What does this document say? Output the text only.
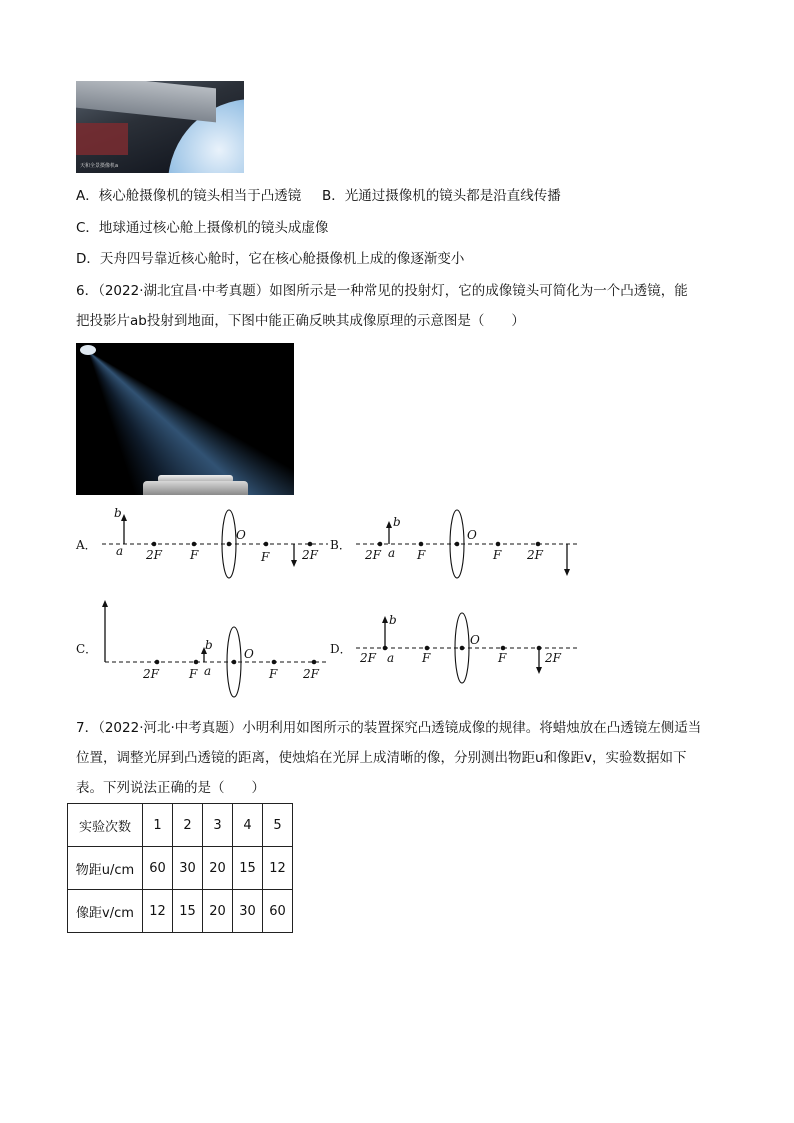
天和全景摄像机a
A．核心舱摄像机的镜头相当于凸透镜 B．光通过摄像机的镜头都是沿直线传播
C．地球通过核心舱上摄像机的镜头成虚像
D．天舟四号靠近核心舱时，它在核心舱摄像机上成的像逐渐变小
6．（2022·湖北宜昌·中考真题）如图所示是一种常见的投射灯，它的成像镜头可简化为一个凸透镜，能
把投影片ab投射到地面，下图中能正确反映其成像原理的示意图是（　　）
A．
b
a 2F F
O
F	2F
B．
2F
b
a F
O
F 2F
C．
2F	F
b
a
O
F 2F
D．
2F
b
a F
O
F	2F
7．（2022·河北·中考真题）小明利用如图所示的装置探究凸透镜成像的规律。将蜡烛放在凸透镜左侧适当
位置，调整光屏到凸透镜的距离，使烛焰在光屏上成清晰的像，分别测出物距u和像距v，实验数据如下
表。下列说法正确的是（　　）
实验次数	1	2	3	4	5
物距u/cm	60	30	20	15	12
像距v/cm	12	15	20	30	60
